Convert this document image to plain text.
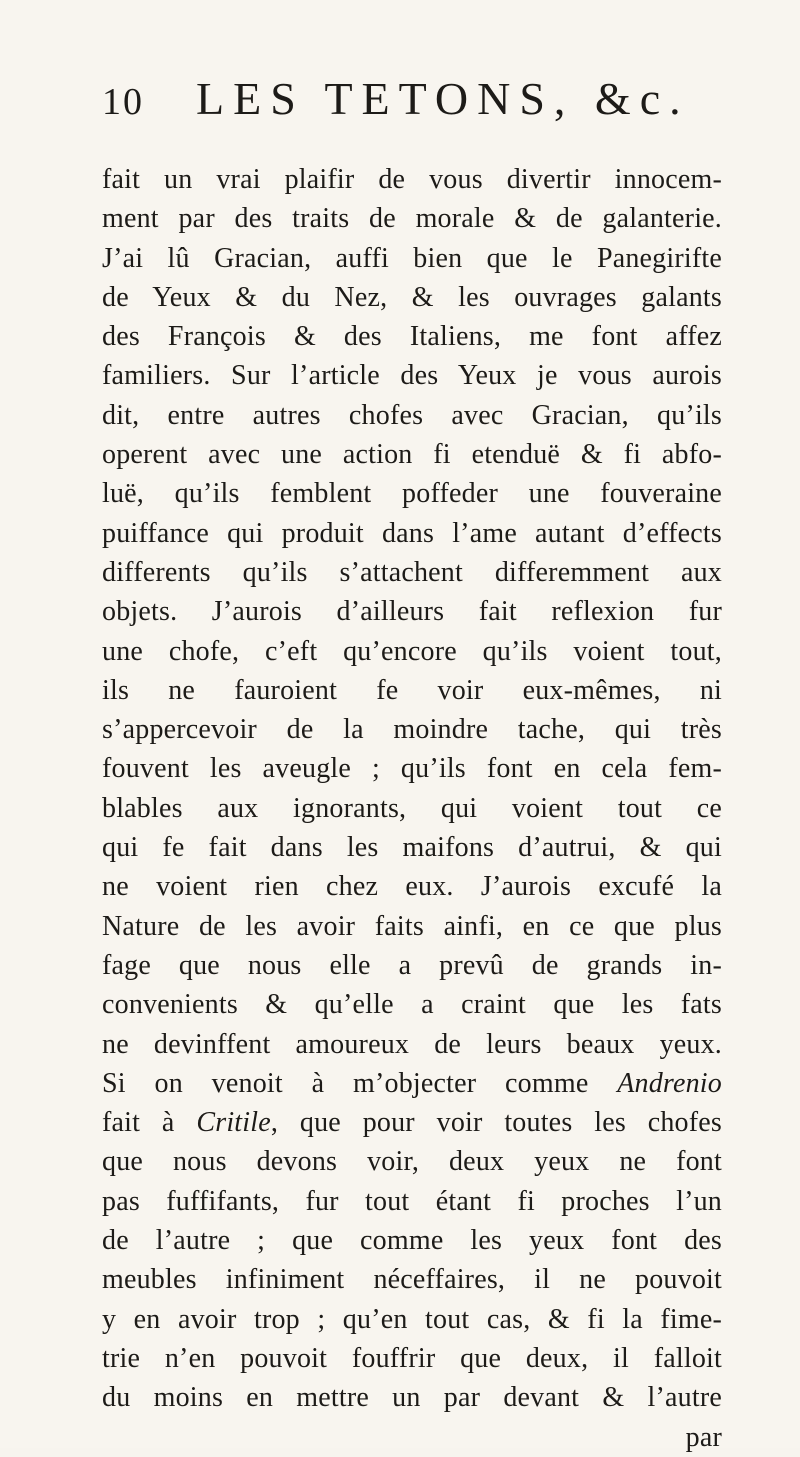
10 LES TETONS, &c.
fait un vrai plaifir de vous divertir innocem-
ment par des traits de morale & de galanterie.
J’ai lû Gracian, auffi bien que le Panegirifte
de Yeux & du Nez, & les ouvrages galants
des François & des Italiens, me font affez
familiers. Sur l’article des Yeux je vous aurois
dit, entre autres chofes avec Gracian, qu’ils
operent avec une action fi etenduë & fi abfo-
luë, qu’ils femblent poffeder une fouveraine
puiffance qui produit dans l’ame autant d’effects
differents qu’ils s’attachent differemment aux
objets. J’aurois d’ailleurs fait reflexion fur
une chofe, c’eft qu’encore qu’ils voient tout,
ils ne fauroient fe voir eux-mêmes, ni
s’appercevoir de la moindre tache, qui très
fouvent les aveugle ; qu’ils font en cela fem-
blables aux ignorants, qui voient tout ce
qui fe fait dans les maifons d’autrui, & qui
ne voient rien chez eux. J’aurois excufé la
Nature de les avoir faits ainfi, en ce que plus
fage que nous elle a prevû de grands in-
convenients & qu’elle a craint que les fats
ne devinffent amoureux de leurs beaux yeux.
Si on venoit à m’objecter comme Andrenio
fait à Critile, que pour voir toutes les chofes
que nous devons voir, deux yeux ne font
pas fuffifants, fur tout étant fi proches l’un
de l’autre ; que comme les yeux font des
meubles infiniment néceffaires, il ne pouvoit
y en avoir trop ; qu’en tout cas, & fi la fime-
trie n’en pouvoit fouffrir que deux, il falloit
du moins en mettre un par devant & l’autre
par
